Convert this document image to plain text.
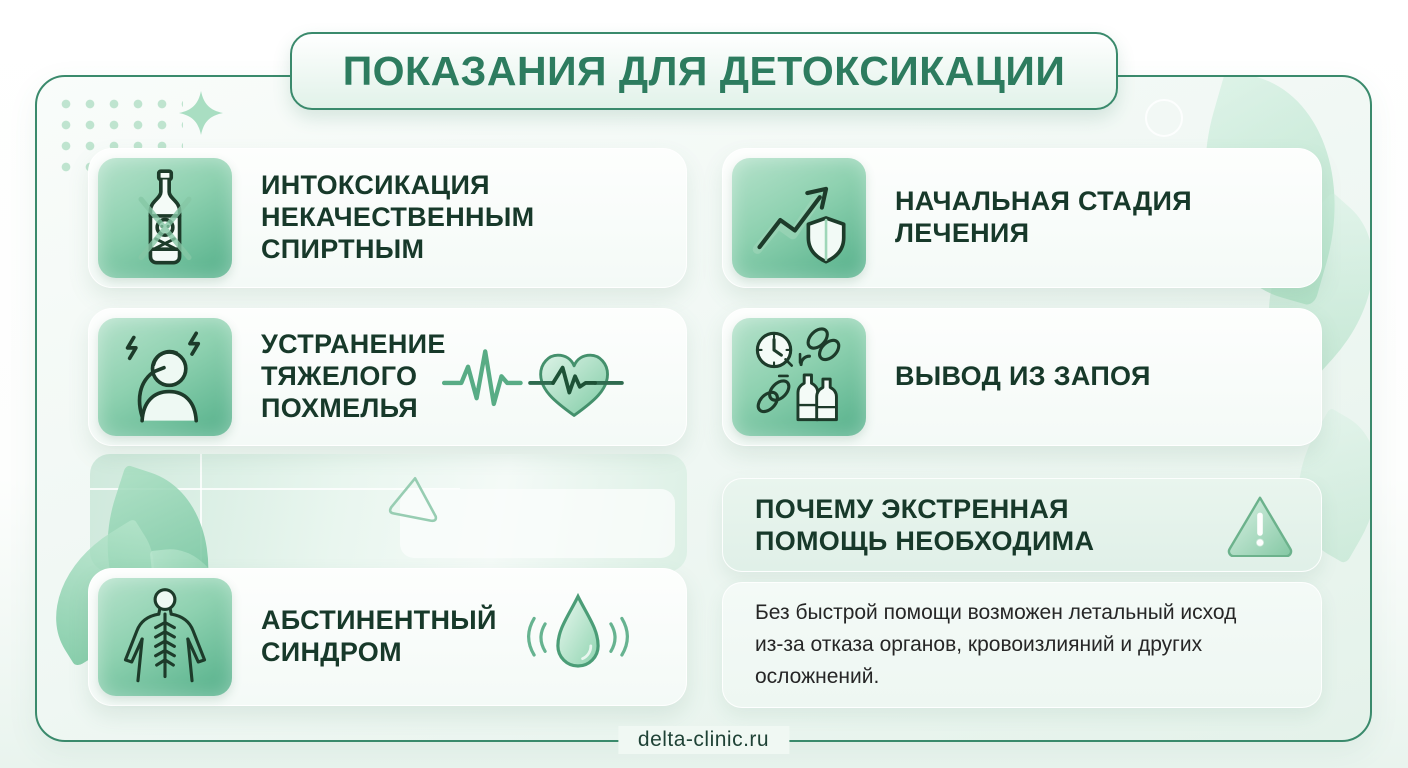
delta-clinic.ru
ПОКАЗАНИЯ ДЛЯ ДЕТОКСИКАЦИИ
ИНТОКСИКАЦИЯ НЕКАЧЕСТВЕННЫМ СПИРТНЫМ
УСТРАНЕНИЕ ТЯЖЕЛОГО ПОХМЕЛЬЯ
АБСТИНЕНТНЫЙ СИНДРОМ
НАЧАЛЬНАЯ СТАДИЯ ЛЕЧЕНИЯ
ВЫВОД ИЗ ЗАПОЯ
ПОЧЕМУ ЭКСТРЕННАЯ ПОМОЩЬ НЕОБХОДИМА
Без быстрой помощи возможен летальный исход из-за отказа органов, кровоизлияний и других осложнений.
